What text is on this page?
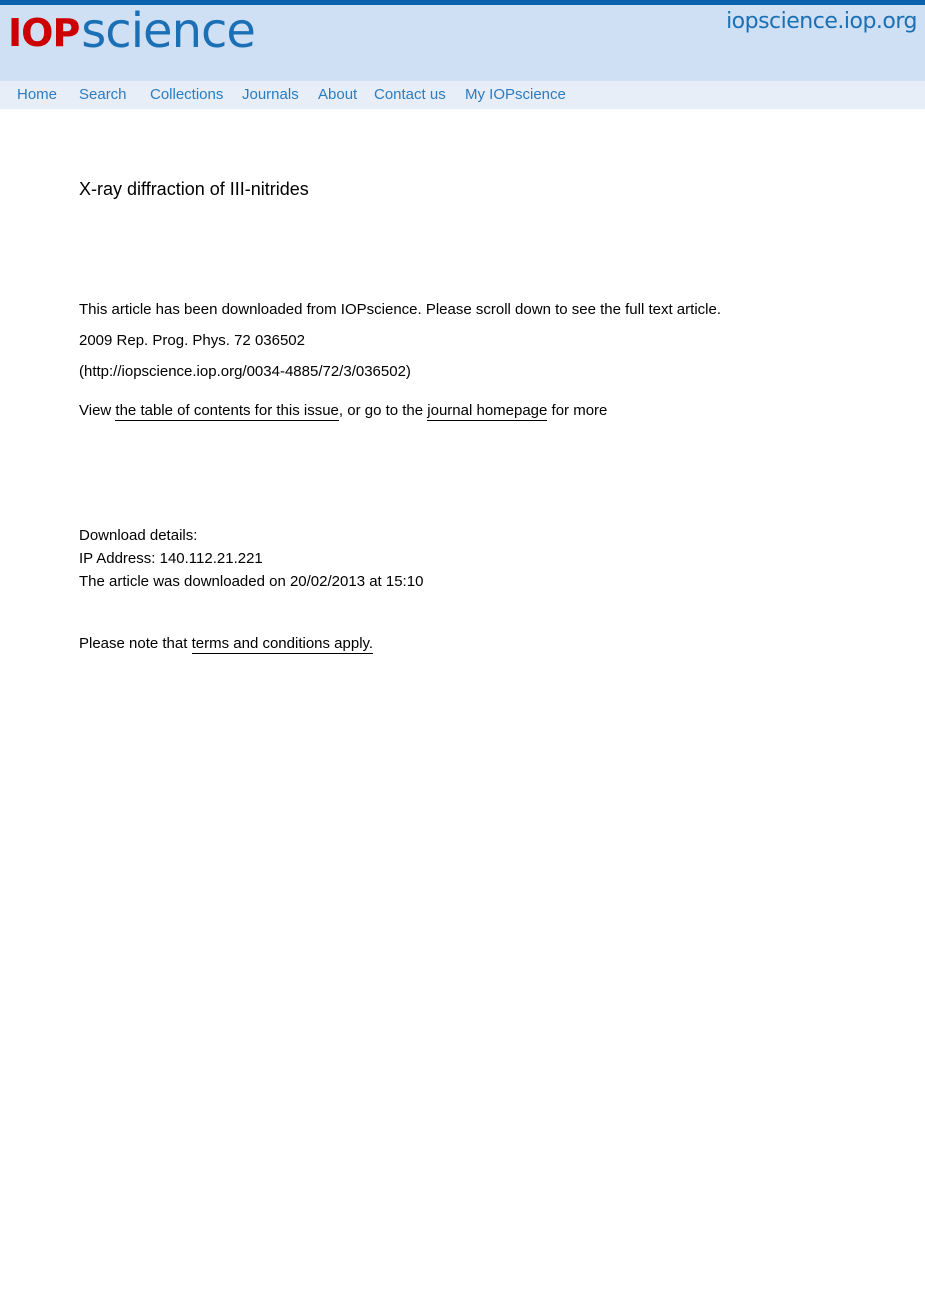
IOPscience	iopscience.iop.org
Home Search Collections Journals About Contact us My IOPscience
X-ray diffraction of III-nitrides
This article has been downloaded from IOPscience. Please scroll down to see the full text article.
2009 Rep. Prog. Phys. 72 036502
(http://iopscience.iop.org/0034-4885/72/3/036502)
View the table of contents for this issue, or go to the journal homepage for more
Download details:
IP Address: 140.112.21.221
The article was downloaded on 20/02/2013 at 15:10
Please note that terms and conditions apply.
